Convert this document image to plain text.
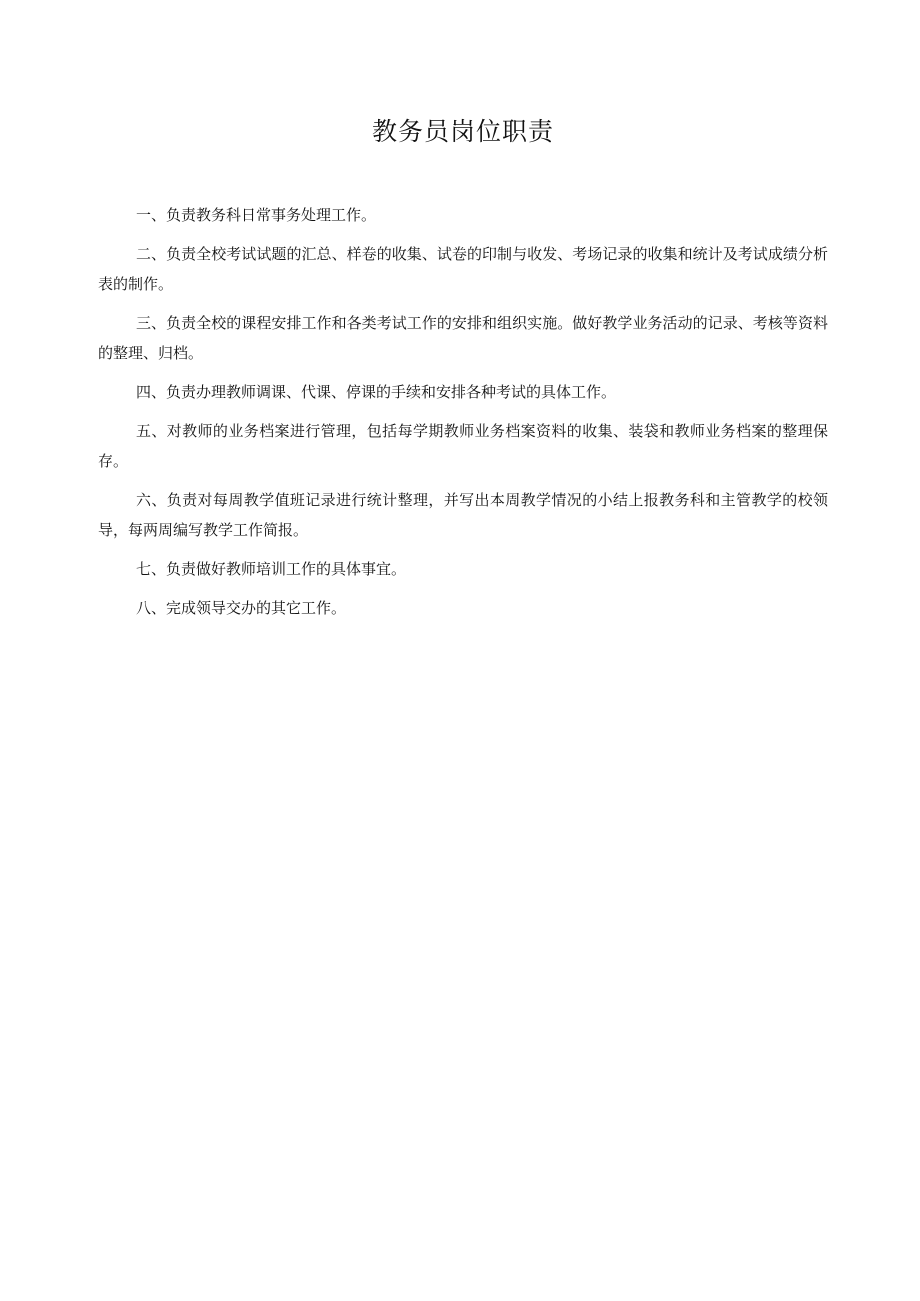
教务员岗位职责

一、负责教务科日常事务处理工作。

二、负责全校考试试题的汇总、样卷的收集、试卷的印制与收发、考场记录的收集和统计及考试成绩分析表的制作。

三、负责全校的课程安排工作和各类考试工作的安排和组织实施。做好教学业务活动的记录、考核等资料的整理、归档。

四、负责办理教师调课、代课、停课的手续和安排各种考试的具体工作。

五、对教师的业务档案进行管理，包括每学期教师业务档案资料的收集、装袋和教师业务档案的整理保存。

六、负责对每周教学值班记录进行统计整理，并写出本周教学情况的小结上报教务科和主管教学的校领导，每两周编写教学工作简报。

七、负责做好教师培训工作的具体事宜。

八、完成领导交办的其它工作。
